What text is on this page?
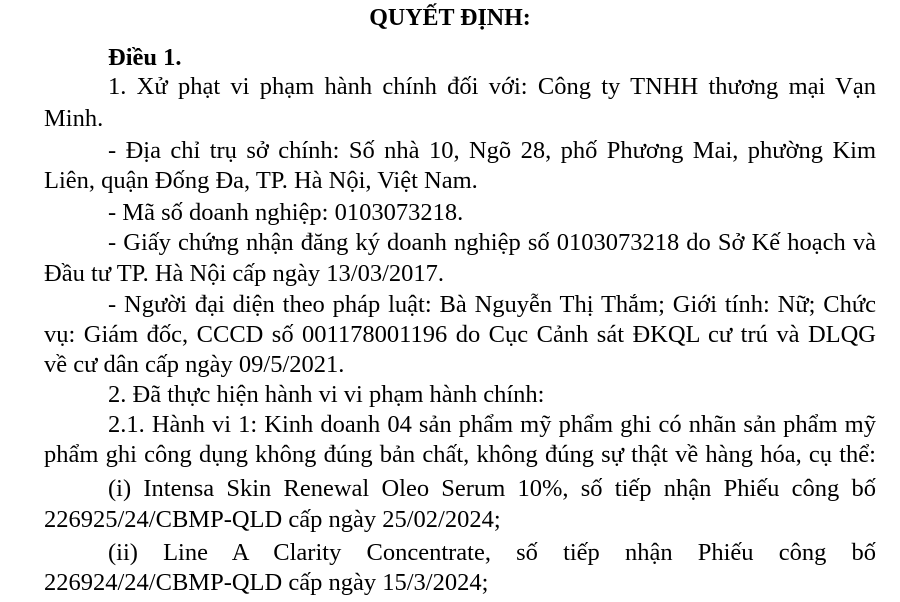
QUYẾT ĐỊNH:
Điều 1.
1. Xử phạt vi phạm hành chính đối với: Công ty TNHH thương mại Vạn
Minh.
- Địa chỉ trụ sở chính: Số nhà 10, Ngõ 28, phố Phương Mai, phường Kim
Liên, quận Đống Đa, TP. Hà Nội, Việt Nam.
- Mã số doanh nghiệp: 0103073218.
- Giấy chứng nhận đăng ký doanh nghiệp số 0103073218 do Sở Kế hoạch và
Đầu tư TP. Hà Nội cấp ngày 13/03/2017.
- Người đại diện theo pháp luật: Bà Nguyễn Thị Thắm; Giới tính: Nữ; Chức
vụ: Giám đốc, CCCD số 001178001196 do Cục Cảnh sát ĐKQL cư trú và DLQG
về cư dân cấp ngày 09/5/2021.
2. Đã thực hiện hành vi vi phạm hành chính:
2.1. Hành vi 1: Kinh doanh 04 sản phẩm mỹ phẩm ghi có nhãn sản phẩm mỹ
phẩm ghi công dụng không đúng bản chất, không đúng sự thật về hàng hóa, cụ thể:
(i) Intensa Skin Renewal Oleo Serum 10%, số tiếp nhận Phiếu công bố
226925/24/CBMP-QLD cấp ngày 25/02/2024;
(ii) Line A Clarity Concentrate, số tiếp nhận Phiếu công bố
226924/24/CBMP-QLD cấp ngày 15/3/2024;
